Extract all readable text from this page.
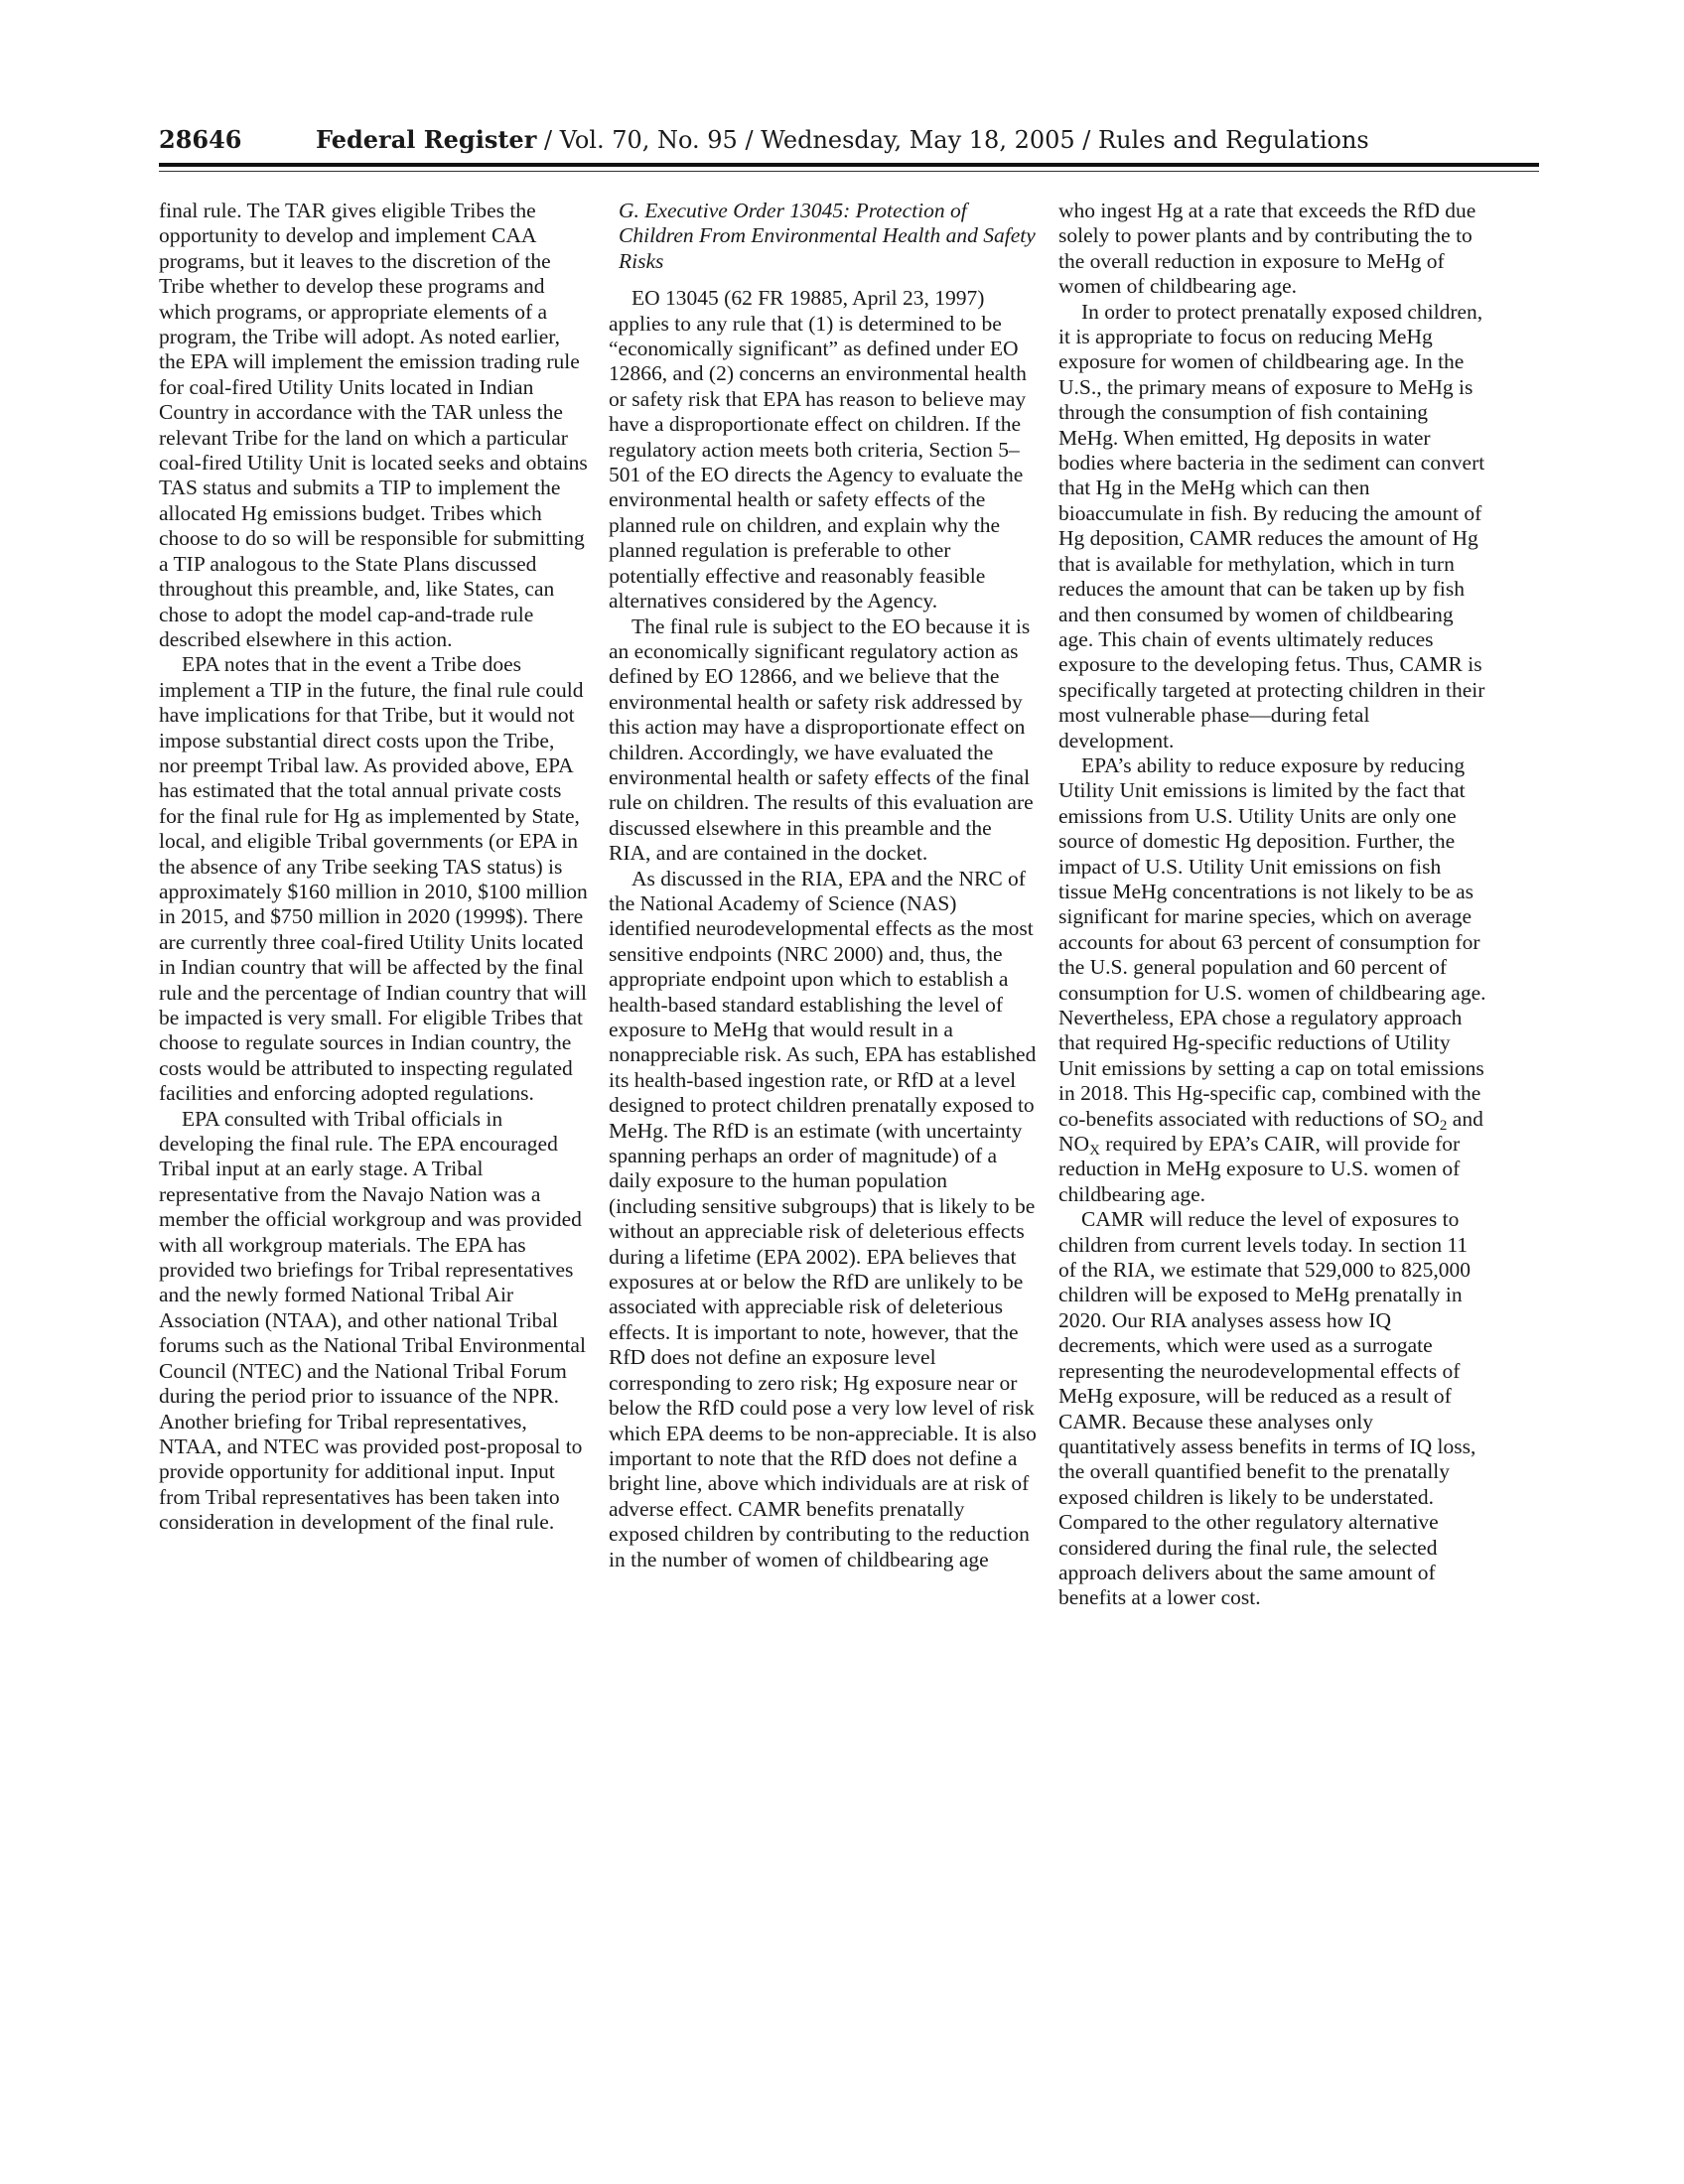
28646	Federal Register / Vol. 70, No. 95 / Wednesday, May 18, 2005 / Rules and Regulations

final rule. The TAR gives eligible Tribes the opportunity to develop and implement CAA programs, but it leaves to the discretion of the Tribe whether to develop these programs and which programs, or appropriate elements of a program, the Tribe will adopt. As noted earlier, the EPA will implement the emission trading rule for coal-fired Utility Units located in Indian Country in accordance with the TAR unless the relevant Tribe for the land on which a particular coal-fired Utility Unit is located seeks and obtains TAS status and submits a TIP to implement the allocated Hg emissions budget. Tribes which choose to do so will be responsible for submitting a TIP analogous to the State Plans discussed throughout this preamble, and, like States, can chose to adopt the model cap-and-trade rule described elsewhere in this action.

EPA notes that in the event a Tribe does implement a TIP in the future, the final rule could have implications for that Tribe, but it would not impose substantial direct costs upon the Tribe, nor preempt Tribal law. As provided above, EPA has estimated that the total annual private costs for the final rule for Hg as implemented by State, local, and eligible Tribal governments (or EPA in the absence of any Tribe seeking TAS status) is approximately $160 million in 2010, $100 million in 2015, and $750 million in 2020 (1999$). There are currently three coal-fired Utility Units located in Indian country that will be affected by the final rule and the percentage of Indian country that will be impacted is very small. For eligible Tribes that choose to regulate sources in Indian country, the costs would be attributed to inspecting regulated facilities and enforcing adopted regulations.

EPA consulted with Tribal officials in developing the final rule. The EPA encouraged Tribal input at an early stage. A Tribal representative from the Navajo Nation was a member the official workgroup and was provided with all workgroup materials. The EPA has provided two briefings for Tribal representatives and the newly formed National Tribal Air Association (NTAA), and other national Tribal forums such as the National Tribal Environmental Council (NTEC) and the National Tribal Forum during the period prior to issuance of the NPR. Another briefing for Tribal representatives, NTAA, and NTEC was provided post-proposal to provide opportunity for additional input. Input from Tribal representatives has been taken into consideration in development of the final rule.

G. Executive Order 13045: Protection of Children From Environmental Health and Safety Risks

EO 13045 (62 FR 19885, April 23, 1997) applies to any rule that (1) is determined to be “economically significant” as defined under EO 12866, and (2) concerns an environmental health or safety risk that EPA has reason to believe may have a disproportionate effect on children. If the regulatory action meets both criteria, Section 5–501 of the EO directs the Agency to evaluate the environmental health or safety effects of the planned rule on children, and explain why the planned regulation is preferable to other potentially effective and reasonably feasible alternatives considered by the Agency.

The final rule is subject to the EO because it is an economically significant regulatory action as defined by EO 12866, and we believe that the environmental health or safety risk addressed by this action may have a disproportionate effect on children. Accordingly, we have evaluated the environmental health or safety effects of the final rule on children. The results of this evaluation are discussed elsewhere in this preamble and the RIA, and are contained in the docket.

As discussed in the RIA, EPA and the NRC of the National Academy of Science (NAS) identified neurodevelopmental effects as the most sensitive endpoints (NRC 2000) and, thus, the appropriate endpoint upon which to establish a health-based standard establishing the level of exposure to MeHg that would result in a nonappreciable risk. As such, EPA has established its health-based ingestion rate, or RfD at a level designed to protect children prenatally exposed to MeHg. The RfD is an estimate (with uncertainty spanning perhaps an order of magnitude) of a daily exposure to the human population (including sensitive subgroups) that is likely to be without an appreciable risk of deleterious effects during a lifetime (EPA 2002). EPA believes that exposures at or below the RfD are unlikely to be associated with appreciable risk of deleterious effects. It is important to note, however, that the RfD does not define an exposure level corresponding to zero risk; Hg exposure near or below the RfD could pose a very low level of risk which EPA deems to be non-appreciable. It is also important to note that the RfD does not define a bright line, above which individuals are at risk of adverse effect. CAMR benefits prenatally exposed children by contributing to the reduction in the number of women of childbearing age

who ingest Hg at a rate that exceeds the RfD due solely to power plants and by contributing the to the overall reduction in exposure to MeHg of women of childbearing age.

In order to protect prenatally exposed children, it is appropriate to focus on reducing MeHg exposure for women of childbearing age. In the U.S., the primary means of exposure to MeHg is through the consumption of fish containing MeHg. When emitted, Hg deposits in water bodies where bacteria in the sediment can convert that Hg in the MeHg which can then bioaccumulate in fish. By reducing the amount of Hg deposition, CAMR reduces the amount of Hg that is available for methylation, which in turn reduces the amount that can be taken up by fish and then consumed by women of childbearing age. This chain of events ultimately reduces exposure to the developing fetus. Thus, CAMR is specifically targeted at protecting children in their most vulnerable phase—during fetal development.

EPA’s ability to reduce exposure by reducing Utility Unit emissions is limited by the fact that emissions from U.S. Utility Units are only one source of domestic Hg deposition. Further, the impact of U.S. Utility Unit emissions on fish tissue MeHg concentrations is not likely to be as significant for marine species, which on average accounts for about 63 percent of consumption for the U.S. general population and 60 percent of consumption for U.S. women of childbearing age. Nevertheless, EPA chose a regulatory approach that required Hg-specific reductions of Utility Unit emissions by setting a cap on total emissions in 2018. This Hg-specific cap, combined with the co-benefits associated with reductions of $SO_2$ and $NO_X$ required by EPA’s CAIR, will provide for reduction in MeHg exposure to U.S. women of childbearing age.

CAMR will reduce the level of exposures to children from current levels today. In section 11 of the RIA, we estimate that 529,000 to 825,000 children will be exposed to MeHg prenatally in 2020. Our RIA analyses assess how IQ decrements, which were used as a surrogate representing the neurodevelopmental effects of MeHg exposure, will be reduced as a result of CAMR. Because these analyses only quantitatively assess benefits in terms of IQ loss, the overall quantified benefit to the prenatally exposed children is likely to be understated. Compared to the other regulatory alternative considered during the final rule, the selected approach delivers about the same amount of benefits at a lower cost.
